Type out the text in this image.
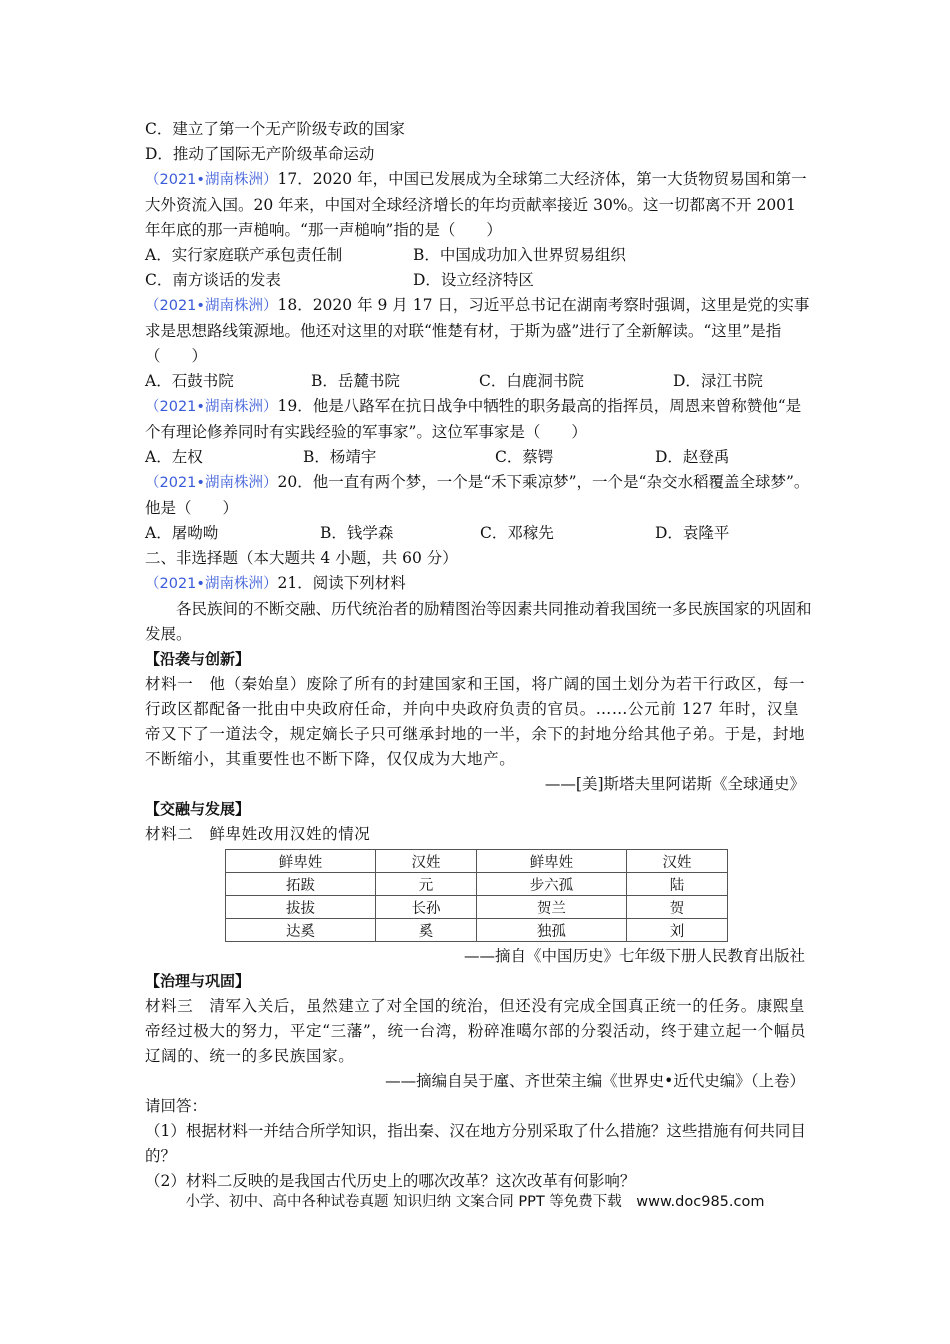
C．建立了第一个无产阶级专政的国家
D．推动了国际无产阶级革命运动
（2021•湖南株洲）17．2020 年，中国已发展成为全球第二大经济体，第一大货物贸易国和第一大外资流入国。20 年来，中国对全球经济增长的年均贡献率接近 30%。这一切都离不开 2001 年年底的那一声槌响。“那一声槌响”指的是（　　）
A．实行家庭联产承包责任制	B．中国成功加入世界贸易组织
C．南方谈话的发表	D．设立经济特区
（2021•湖南株洲）18．2020 年 9 月 17 日，习近平总书记在湖南考察时强调，这里是党的实事求是思想路线策源地。他还对这里的对联“惟楚有材，于斯为盛”进行了全新解读。“这里”是指（　　）
A．石鼓书院	B．岳麓书院	C．白鹿洞书院	D．渌江书院
（2021•湖南株洲）19．他是八路军在抗日战争中牺牲的职务最高的指挥员，周恩来曾称赞他“是个有理论修养同时有实践经验的军事家”。这位军事家是（　　）
A．左权	B．杨靖宇	C．蔡锷	D．赵登禹
（2021•湖南株洲）20．他一直有两个梦，一个是“禾下乘凉梦”，一个是“杂交水稻覆盖全球梦”。他是（　　）
A．屠呦呦	B．钱学森	C．邓稼先	D．袁隆平
二、非选择题（本大题共 4 小题，共 60 分）
（2021•湖南株洲）21．阅读下列材料
各民族间的不断交融、历代统治者的励精图治等因素共同推动着我国统一多民族国家的巩固和发展。
【沿袭与创新】
材料一　他（秦始皇）废除了所有的封建国家和王国，将广阔的国土划分为若干行政区，每一行政区都配备一批由中央政府任命，并向中央政府负责的官员。……公元前 127 年时，汉皇帝又下了一道法令，规定嫡长子只可继承封地的一半，余下的封地分给其他子弟。于是，封地不断缩小，其重要性也不断下降，仅仅成为大地产。
——[美]斯塔夫里阿诺斯《全球通史》
【交融与发展】
材料二　鲜卑姓改用汉姓的情况
鲜卑姓	汉姓	鲜卑姓	汉姓
拓跋	元	步六孤	陆
拔拔	长孙	贺兰	贺
达奚	奚	独孤	刘
——摘自《中国历史》七年级下册人民教育出版社
【治理与巩固】
材料三　清军入关后，虽然建立了对全国的统治，但还没有完成全国真正统一的任务。康熙皇帝经过极大的努力，平定“三藩”，统一台湾，粉碎准噶尔部的分裂活动，终于建立起一个幅员辽阔的、统一的多民族国家。
——摘编自吴于廑、齐世荣主编《世界史•近代史编》（上卷）
请回答：
（1）根据材料一并结合所学知识，指出秦、汉在地方分别采取了什么措施？这些措施有何共同目的？
（2）材料二反映的是我国古代历史上的哪次改革？这次改革有何影响？
小学、初中、高中各种试卷真题 知识归纳 文案合同 PPT 等免费下载　www.doc985.com
